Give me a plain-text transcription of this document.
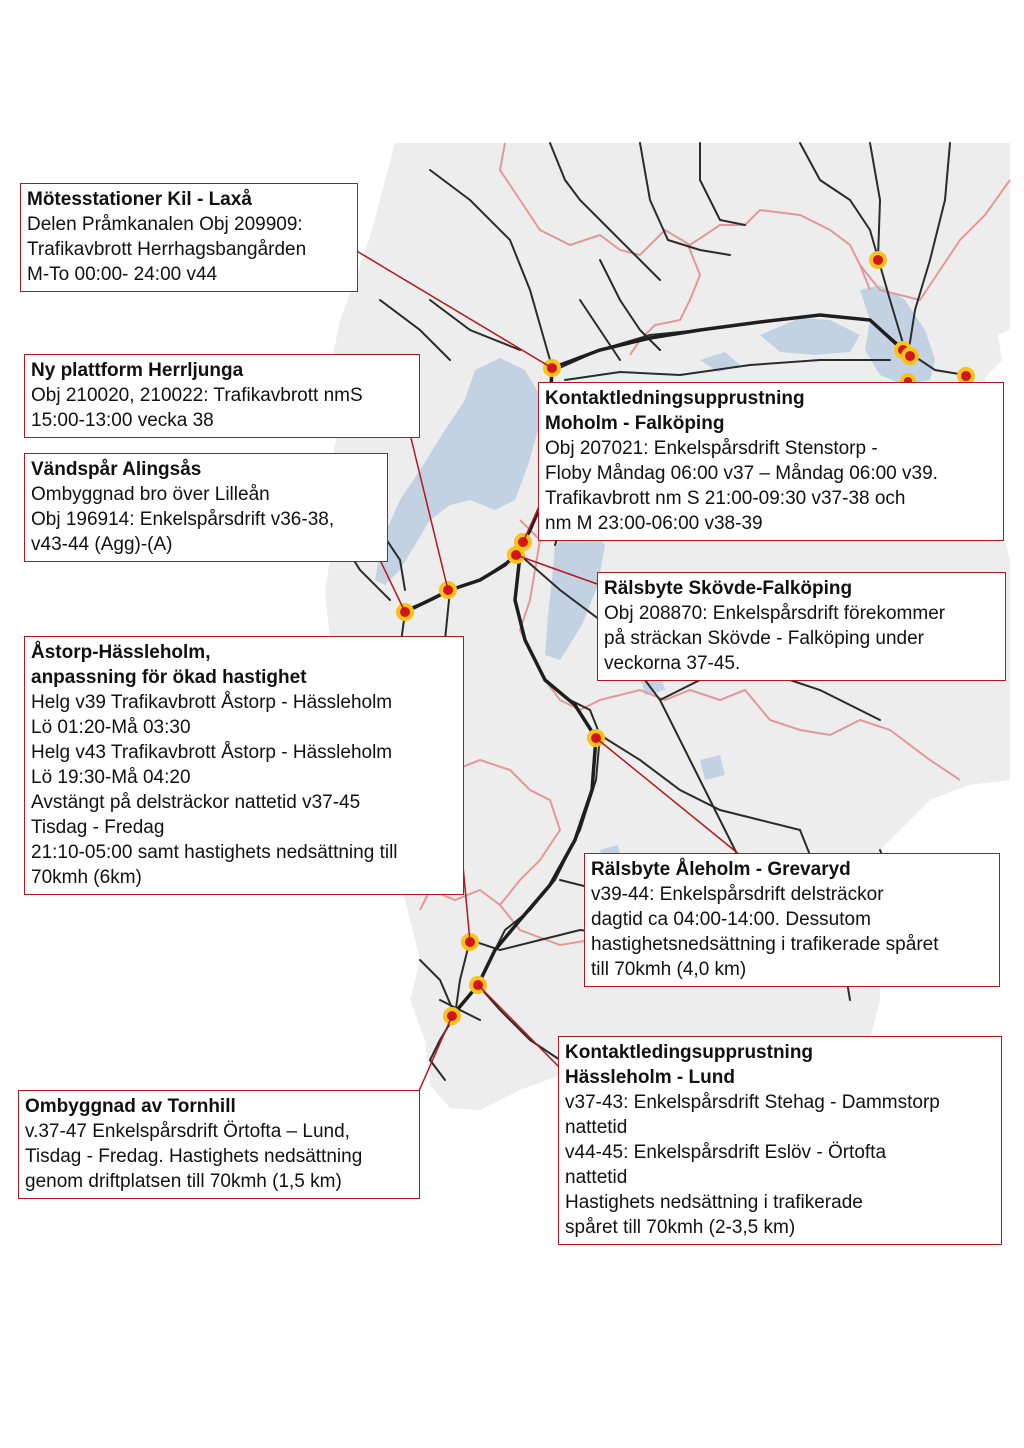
Mötesstationer Kil - Laxå
Delen Pråmkanalen Obj 209909:
Trafikavbrott Herrhagsbangården
M-To 00:00- 24:00 v44
Ny plattform Herrljunga
Obj 210020, 210022: Trafikavbrott nmS
15:00-13:00 vecka 38
Vändspår Alingsås
Ombyggnad bro över Lilleån
Obj 196914: Enkelspårsdrift v36-38,
v43-44 (Agg)-(A)
Åstorp-Hässleholm,
anpassning för ökad hastighet
Helg v39 Trafikavbrott Åstorp - Hässleholm
Lö 01:20-Må 03:30
Helg v43 Trafikavbrott Åstorp - Hässleholm
Lö 19:30-Må 04:20
Avstängt på delsträckor nattetid v37-45
Tisdag - Fredag
21:10-05:00 samt hastighets nedsättning till
70kmh (6km)
Kontaktledningsupprustning
Moholm - Falköping
Obj 207021: Enkelspårsdrift Stenstorp -
Floby Måndag 06:00 v37 – Måndag 06:00 v39.
Trafikavbrott nm S 21:00-09:30 v37-38 och
nm M 23:00-06:00 v38-39
Rälsbyte Skövde-Falköping
Obj 208870: Enkelspårsdrift förekommer
på sträckan Skövde - Falköping under
veckorna 37-45.
Rälsbyte Åleholm - Grevaryd
v39-44: Enkelspårsdrift delsträckor
dagtid ca 04:00-14:00. Dessutom
hastighetsnedsättning i trafikerade spåret
till 70kmh (4,0 km)
Kontaktledingsupprustning
Hässleholm - Lund
v37-43: Enkelspårsdrift Stehag - Dammstorp
nattetid
v44-45: Enkelspårsdrift Eslöv - Örtofta
nattetid
Hastighets nedsättning i trafikerade
spåret till 70kmh (2-3,5 km)
Ombyggnad av Tornhill
v.37-47 Enkelspårsdrift Örtofta – Lund,
Tisdag - Fredag. Hastighets nedsättning
genom driftplatsen till 70kmh (1,5 km)
